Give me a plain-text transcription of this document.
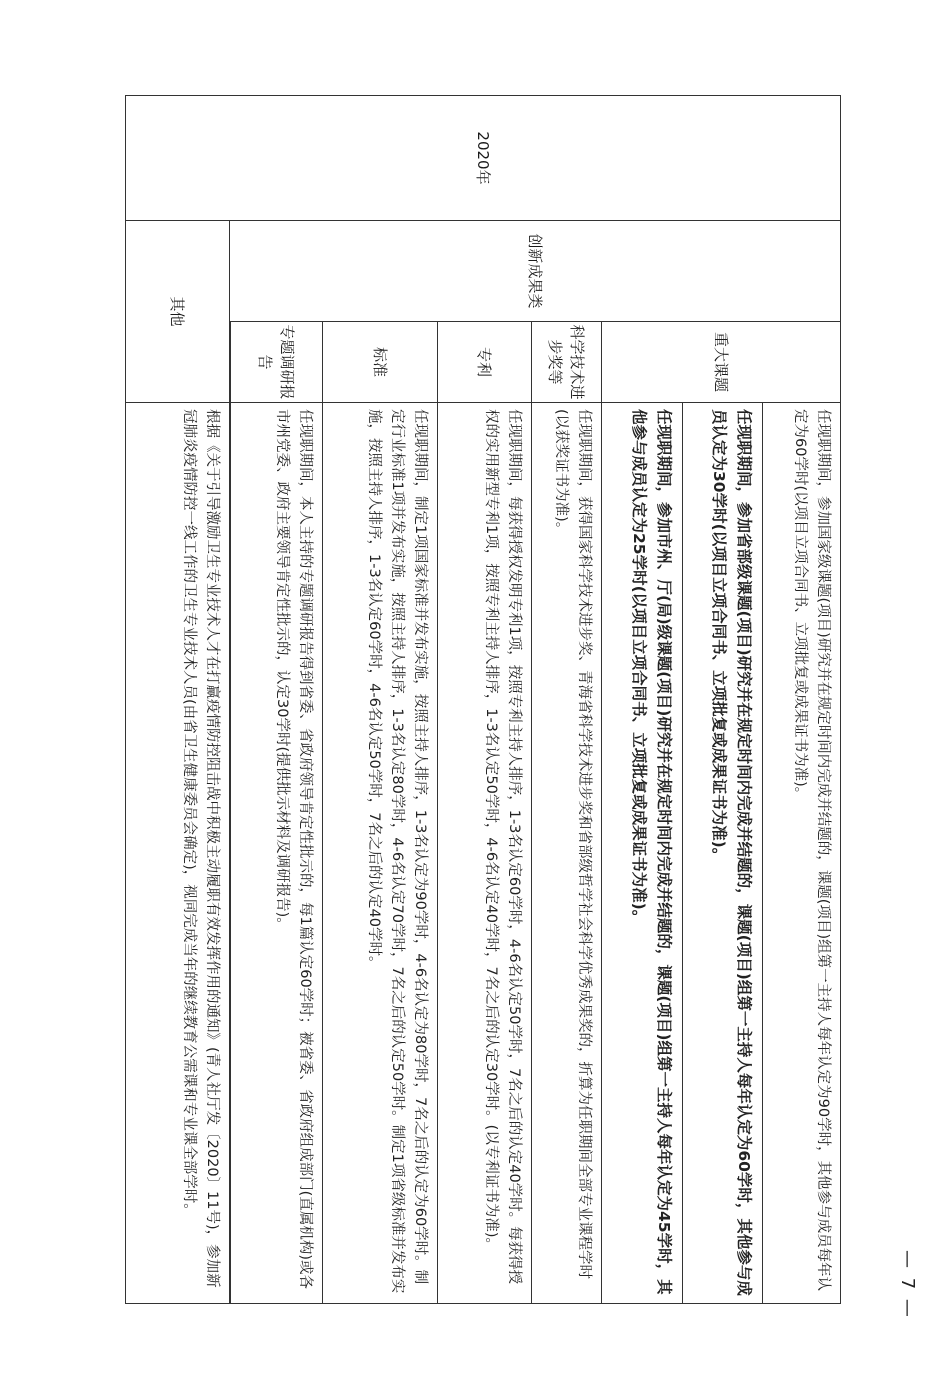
2020年	创新成果类	重大课题	任现职期间，参加国家级课题(项目)研究并在规定时间内完成并结题的，课题(项目)组第一主持人每年认定为90学时，其他参与成员每年认定为60学时(以项目立项合同书、立项批复或成果证书为准)。

			任现职期间，参加省部级课题(项目)研究并在规定时间内完成并结题的，课题(项目)组第一主持人每年认定为60学时，其他参与成员认定为30学时(以项目立项合同书、立项批复或成果证书为准)。

			任现职期间，参加市州、厅(局)级课题(项目)研究并在规定时间内完成并结题的，课题(项目)组第一主持人每年认定为45学时，其他参与成员认定为25学时(以项目立项合同书、立项批复或成果证书为准)。

		科学技术进步奖等	任现职期间，获得国家科学技术进步奖、青海省科学技术进步奖和省部级哲学社会科学优秀成果奖的，折算为任职期间全部专业课程学时(以获奖证书为准)。

		专利	任现职期间，每获得授权发明专利1项，按照专利主持人排序，1-3名认定60学时，4-6名认定50学时，7名之后的认定40学时。每获得授权的实用新型专利1项，按照专利主持人排序，1-3名认定50学时，4-6名认定40学时，7名之后的认定30学时。(以专利证书为准)。

		标准	任现职期间，制定1项国家标准并发布实施，按照主持人排序，1-3名认定为90学时，4-6名认定为80学时，7名之后的认定为60学时。制定行业标准1项并发布实施，按照主持人排序，1-3名认定80学时，4-6名认定70学时，7名之后的认定50学时。制定1项省级标准并发布实施，按照主持人排序，1-3名认定60学时，4-6名认定50学时，7名之后的认定40学时。

		专题调研报告	任现职期间，本人主持的专题调研报告得到省委、省政府领导肯定性批示的，每1篇认定60学时；被省委、省政府组成部门(直属机构)或各市州党委、政府主要领导肯定性批示的，认定30学时(提供批示材料及调研报告)。

	其他		根据《关于引导激励卫生专业技术人才在打赢疫情防控阻击战中积极主动履职有效发挥作用的通知》(青人社厅发〔2020〕11号)，参加新冠肺炎疫情防控一线工作的卫生专业技术人员(由省卫生健康委员会确定)，视同完成当年的继续教育公需课和专业课全部学时。
— 7 —
